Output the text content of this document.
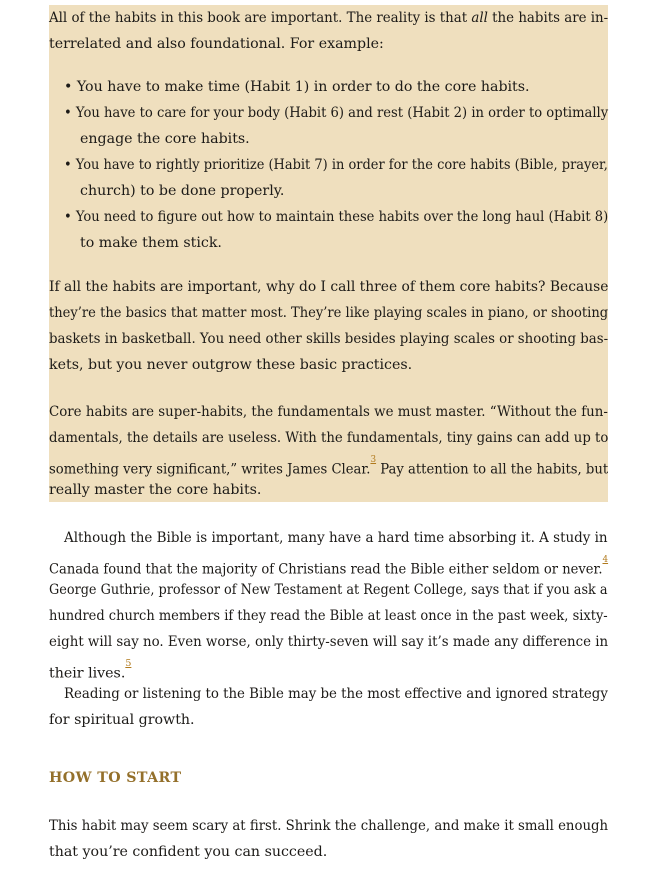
All of the habits in this book are important. The reality is that all the habits are in-
terrelated and also foundational. For example:
• You have to make time (Habit 1) in order to do the core habits.
• You have to care for your body (Habit 6) and rest (Habit 2) in order to optimally
engage the core habits.
• You have to rightly prioritize (Habit 7) in order for the core habits (Bible, prayer,
church) to be done properly.
• You need to figure out how to maintain these habits over the long haul (Habit 8)
to make them stick.
If all the habits are important, why do I call three of them core habits? Because
they’re the basics that matter most. They’re like playing scales in piano, or shooting
baskets in basketball. You need other skills besides playing scales or shooting bas-
kets, but you never outgrow these basic practices.
Core habits are super-habits, the fundamentals we must master. “Without the fun-
damentals, the details are useless. With the fundamentals, tiny gains can add up to
something very significant,” writes James Clear.$^{^3}$ Pay attention to all the habits, but
really master the core habits.
Although the Bible is important, many have a hard time absorbing it. A study in
Canada found that the majority of Christians read the Bible either seldom or never.$^{^4}$
George Guthrie, professor of New Testament at Regent College, says that if you ask a
hundred church members if they read the Bible at least once in the past week, sixty-
eight will say no. Even worse, only thirty-seven will say it’s made any difference in
their lives.$^{^5}$
Reading or listening to the Bible may be the most effective and ignored strategy
for spiritual growth.
HOW TO START
This habit may seem scary at first. Shrink the challenge, and make it small enough
that you’re confident you can succeed.
